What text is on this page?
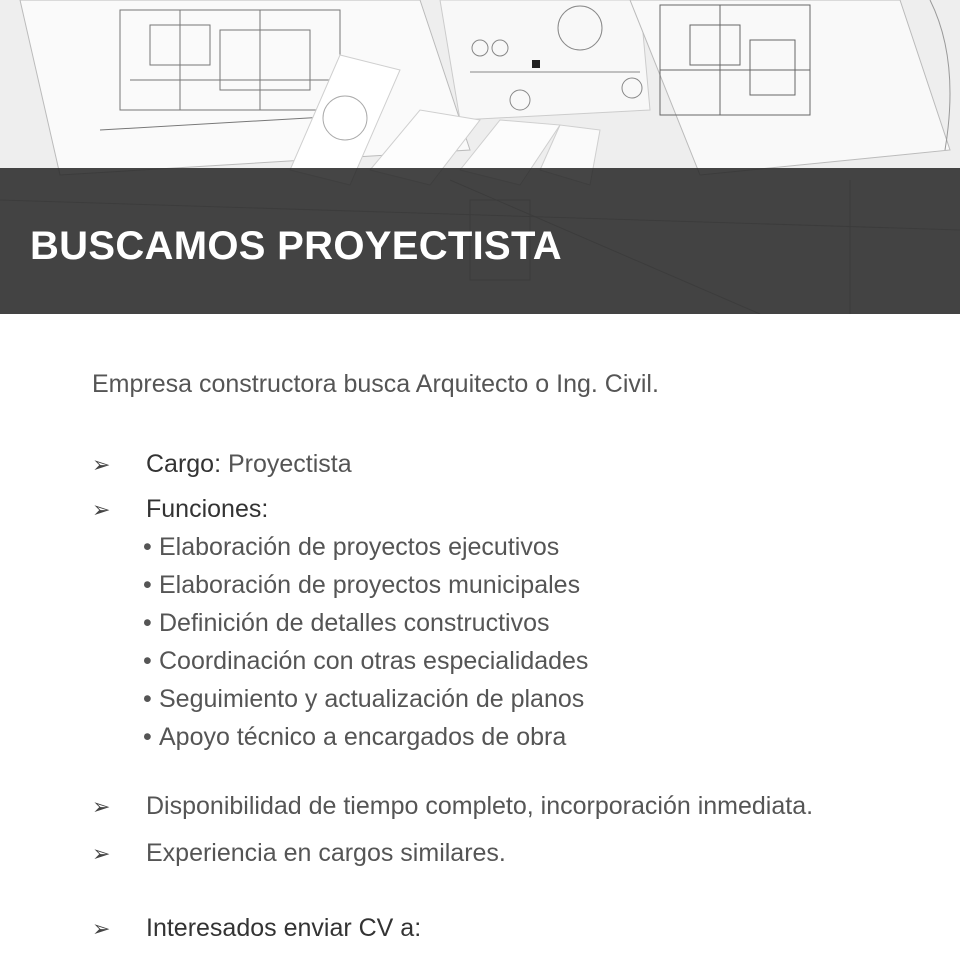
BUSCAMOS PROYECTISTA
Empresa constructora busca Arquitecto o Ing. Civil.
➢ Cargo: Proyectista
➢ Funciones:
• Elaboración de proyectos ejecutivos
• Elaboración de proyectos municipales
• Definición de detalles constructivos
• Coordinación con otras especialidades
• Seguimiento y actualización de planos
• Apoyo técnico a encargados de obra
➢ Disponibilidad de tiempo completo, incorporación inmediata.
➢ Experiencia en cargos similares.
➢ Interesados enviar CV a:
